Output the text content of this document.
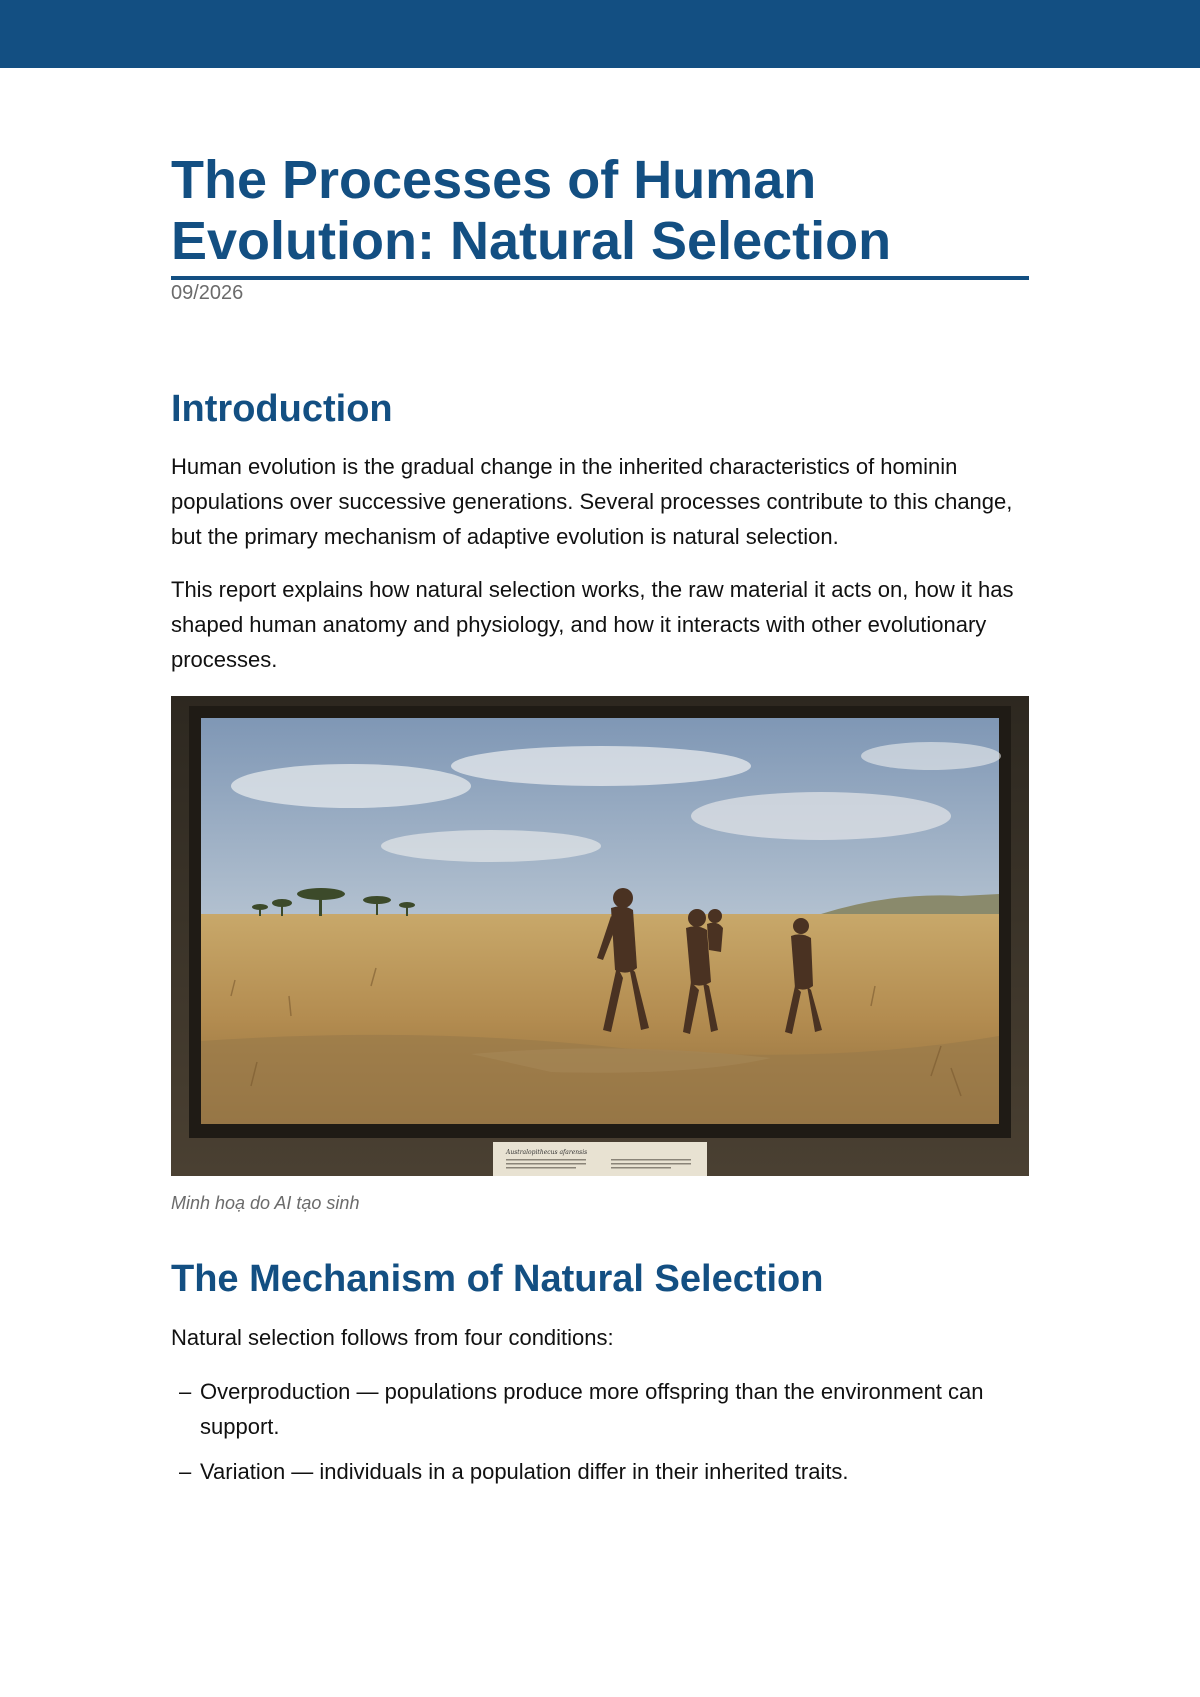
The Processes of Human Evolution: Natural Selection
09/2026
Introduction

Human evolution is the gradual change in the inherited characteristics of hominin populations over successive generations. Several processes contribute to this change, but the primary mechanism of adaptive evolution is natural selection.

This report explains how natural selection works, the raw material it acts on, how it has shaped human anatomy and physiology, and how it interacts with other evolutionary processes.

Australopithecus afarensis
Minh hoạ do AI tạo sinh
The Mechanism of Natural Selection

Natural selection follows from four conditions:

– Overproduction — populations produce more offspring than the environment can support.
– Variation — individuals in a population differ in their inherited traits.
